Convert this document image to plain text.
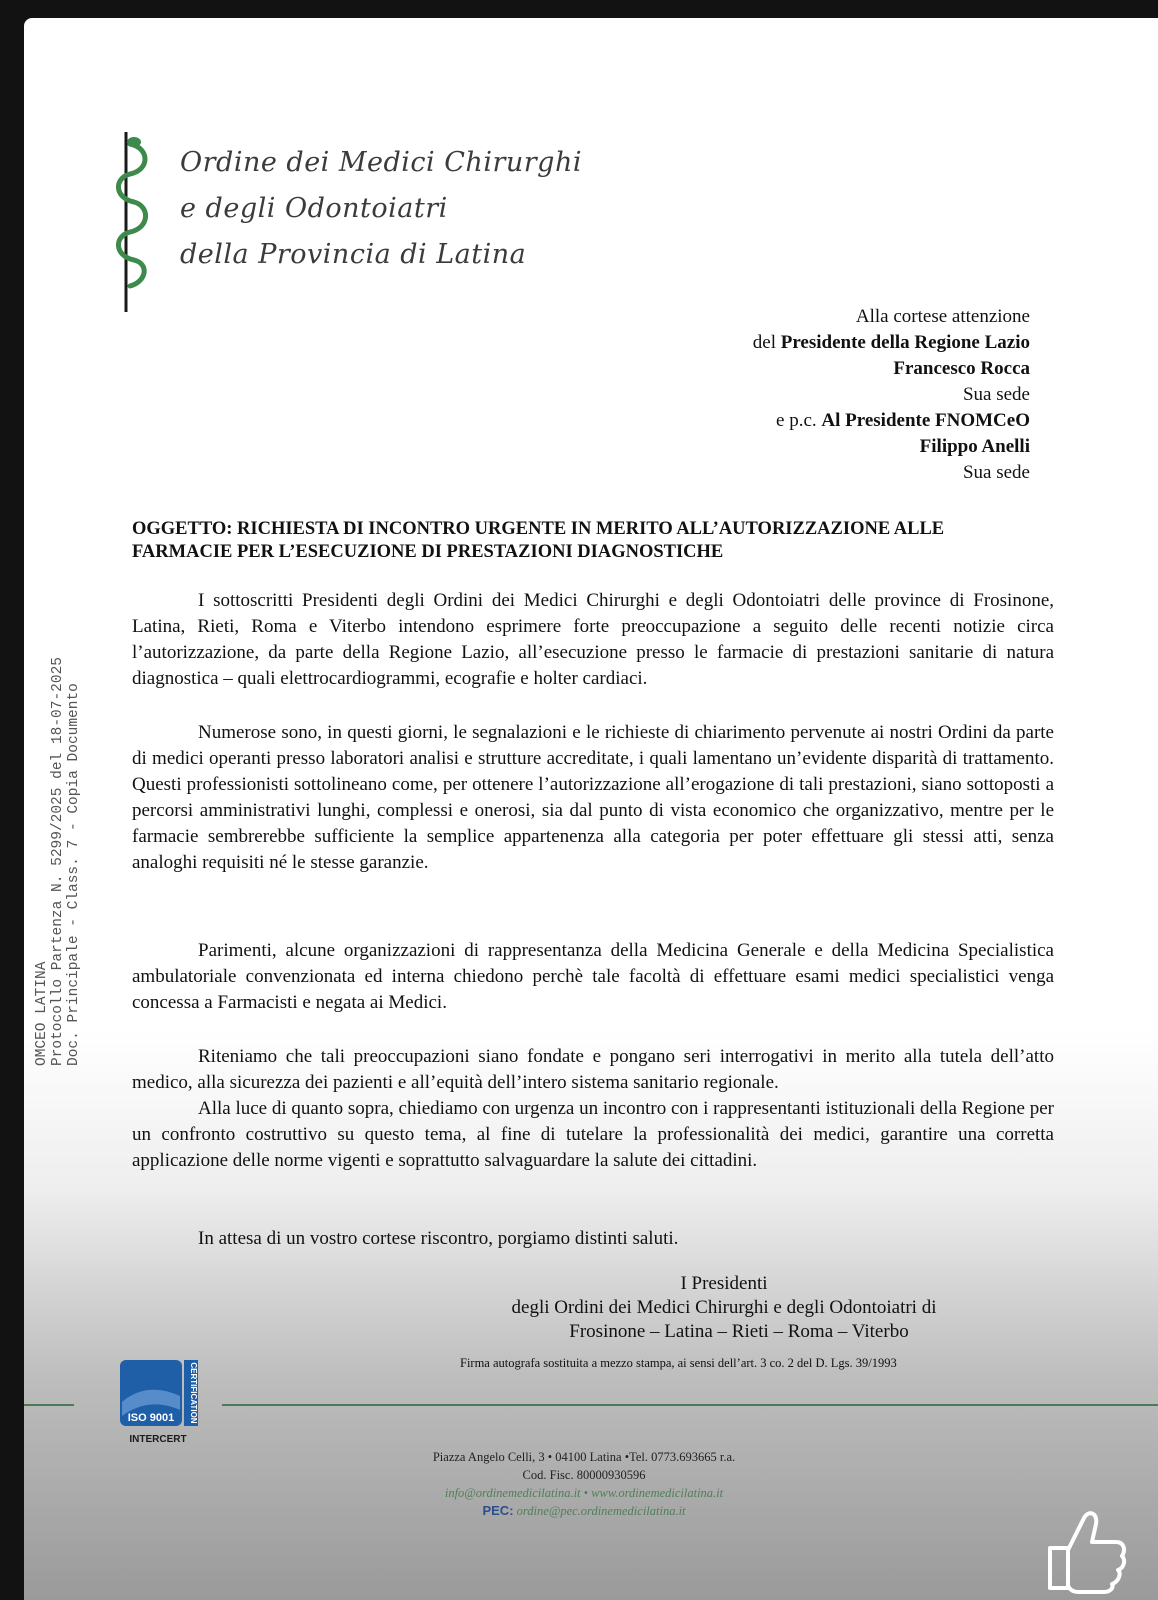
Ordine dei Medici Chirurghi
e degli Odontoiatri
della Provincia di Latina
Alla cortese attenzione
del Presidente della Regione Lazio
Francesco Rocca
Sua sede
e p.c. Al Presidente FNOMCeO
Filippo Anelli
Sua sede
OGGETTO: RICHIESTA DI INCONTRO URGENTE IN MERITO ALL’AUTORIZZAZIONE ALLE FARMACIE PER L’ESECUZIONE DI PRESTAZIONI DIAGNOSTICHE

I sottoscritti Presidenti degli Ordini dei Medici Chirurghi e degli Odontoiatri delle province di Frosinone, Latina, Rieti, Roma e Viterbo intendono esprimere forte preoccupazione a seguito delle recenti notizie circa l’autorizzazione, da parte della Regione Lazio, all’esecuzione presso le farmacie di prestazioni sanitarie di natura diagnostica – quali elettrocardiogrammi, ecografie e holter cardiaci.

Numerose sono, in questi giorni, le segnalazioni e le richieste di chiarimento pervenute ai nostri Ordini da parte di medici operanti presso laboratori analisi e strutture accreditate, i quali lamentano un’evidente disparità di trattamento. Questi professionisti sottolineano come, per ottenere l’autorizzazione all’erogazione di tali prestazioni, siano sottoposti a percorsi amministrativi lunghi, complessi e onerosi, sia dal punto di vista economico che organizzativo, mentre per le farmacie sembrerebbe sufficiente la semplice appartenenza alla categoria per poter effettuare gli stessi atti, senza analoghi requisiti né le stesse garanzie.

Parimenti, alcune organizzazioni di rappresentanza della Medicina Generale e della Medicina Specialistica ambulatoriale convenzionata ed interna chiedono perchè tale facoltà di effettuare esami medici specialistici venga concessa a Farmacisti e negata ai Medici.

Riteniamo che tali preoccupazioni siano fondate e pongano seri interrogativi in merito alla tutela dell’atto medico, alla sicurezza dei pazienti e all’equità dell’intero sistema sanitario regionale.

Alla luce di quanto sopra, chiediamo con urgenza un incontro con i rappresentanti istituzionali della Regione per un confronto costruttivo su questo tema, al fine di tutelare la professionalità dei medici, garantire una corretta applicazione delle norme vigenti e soprattutto salvaguardare la salute dei cittadini.

In attesa di un vostro cortese riscontro, porgiamo distinti saluti.

I Presidenti
degli Ordini dei Medici Chirurghi e degli Odontoiatri di
Frosinone – Latina – Rieti – Roma – Viterbo
Firma autografa sostituita a mezzo stampa, ai sensi dell’art. 3 co. 2 del D. Lgs. 39/1993
OMCEO LATINA Protocollo Partenza N. 5299/2025 del 18-07-2025 Doc. Principale - Class. 7 - Copia Documento
CERTIFICATION
ISO 9001
INTERCERT
Piazza Angelo Celli, 3 • 04100 Latina •Tel. 0773.693665 r.a.
Cod. Fisc. 80000930596
info@ordinemedicilatina.it • www.ordinemedicilatina.it
PEC: ordine@pec.ordinemedicilatina.it
